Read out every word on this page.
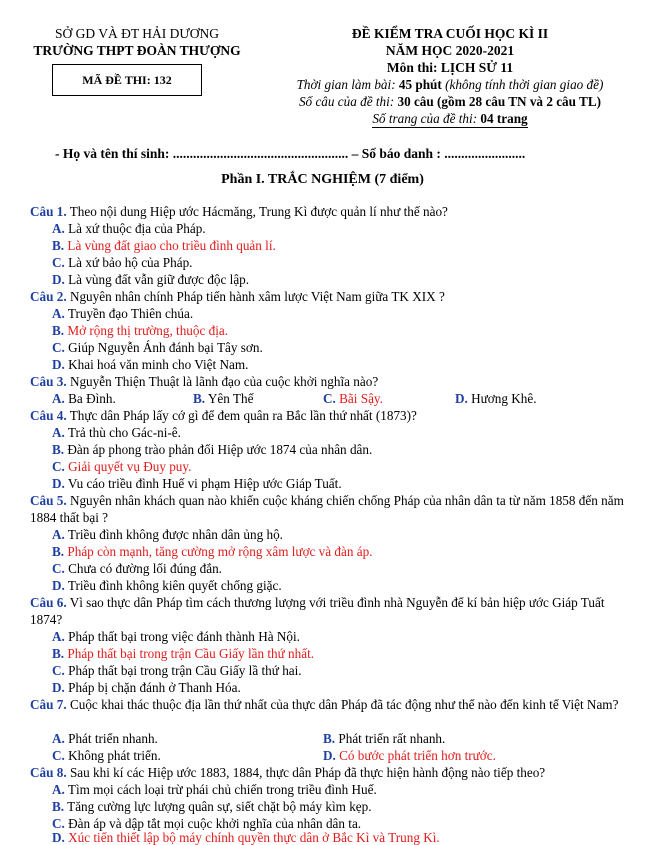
SỞ GD VÀ ĐT HẢI DƯƠNG
TRƯỜNG THPT ĐOÀN THƯỢNG
MÃ ĐỀ THI: 132
ĐỀ KIỂM TRA CUỐI HỌC KÌ II
NĂM HỌC 2020-2021
Môn thi: LỊCH SỬ 11
Thời gian làm bài: 45 phút (không tính thời gian giao đề)
Số câu của đề thi: 30 câu (gồm 28 câu TN và 2 câu TL)
Số trang của đề thi: 04 trang
- Họ và tên thí sinh: .................................................... – Số báo danh : ........................
Phần I. TRẮC NGHIỆM (7 điểm)
Câu 1. Theo nội dung Hiệp ước Hácmăng, Trung Kì được quản lí như thế nào?
A. Là xứ thuộc địa của Pháp.
B. Là vùng đất giao cho triều đình quản lí.
C. Là xứ bảo hộ của Pháp.
D. Là vùng đất vẫn giữ được độc lập.
Câu 2. Nguyên nhân chính Pháp tiến hành xâm lược Việt Nam giữa TK XIX ?
A. Truyền đạo Thiên chúa.
B. Mở rộng thị trường, thuộc địa.
C. Giúp Nguyễn Ánh đánh bại Tây sơn.
D. Khai hoá văn minh cho Việt Nam.
Câu 3. Nguyễn Thiện Thuật là lãnh đạo của cuộc khởi nghĩa nào?
A. Ba Đình.	B. Yên Thế	C. Bãi Sậy.	D. Hương Khê.
Câu 4. Thực dân Pháp lấy cớ gì để đem quân ra Bắc lần thứ nhất (1873)?
A. Trả thù cho Gác-ni-ê.
B. Đàn áp phong trào phản đối Hiệp ước 1874 của nhân dân.
C. Giải quyết vụ Đuy puy.
D. Vu cáo triều đình Huế vi phạm Hiệp ước Giáp Tuất.
Câu 5. Nguyên nhân khách quan nào khiến cuộc kháng chiến chống Pháp của nhân dân ta từ năm 1858 đến năm 1884 thất bại ?
A. Triều đình không được nhân dân ủng hộ.
B. Pháp còn mạnh, tăng cường mở rộng xâm lược và đàn áp.
C. Chưa có đường lối đúng đắn.
D. Triều đình không kiên quyết chống giặc.
Câu 6. Vì sao thực dân Pháp tìm cách thương lượng với triều đình nhà Nguyễn để kí bản hiệp ước Giáp Tuất 1874?
A. Pháp thất bại trong việc đánh thành Hà Nội.
B. Pháp thất bại trong trận Cầu Giấy lần thứ nhất.
C. Pháp thất bại trong trận Cầu Giấy lầ thứ hai.
D. Pháp bị chặn đánh ở Thanh Hóa.
Câu 7. Cuộc khai thác thuộc địa lần thứ nhất của thực dân Pháp đã tác động như thế nào đến kinh tế Việt Nam?
A. Phát triển nhanh.	B. Phát triển rất nhanh.
C. Không phát triển.	D. Có bước phát triển hơn trước.
Câu 8. Sau khi kí các Hiệp ước 1883, 1884, thực dân Pháp đã thực hiện hành động nào tiếp theo?
A. Tìm mọi cách loại trừ phái chủ chiến trong triều đình Huế.
B. Tăng cường lực lượng quân sự, siết chặt bộ máy kìm kẹp.
C. Đàn áp và dập tắt mọi cuộc khởi nghĩa của nhân dân ta.
D. Xúc tiến thiết lập bộ máy chính quyền thực dân ở Bắc Kì và Trung Kì.
